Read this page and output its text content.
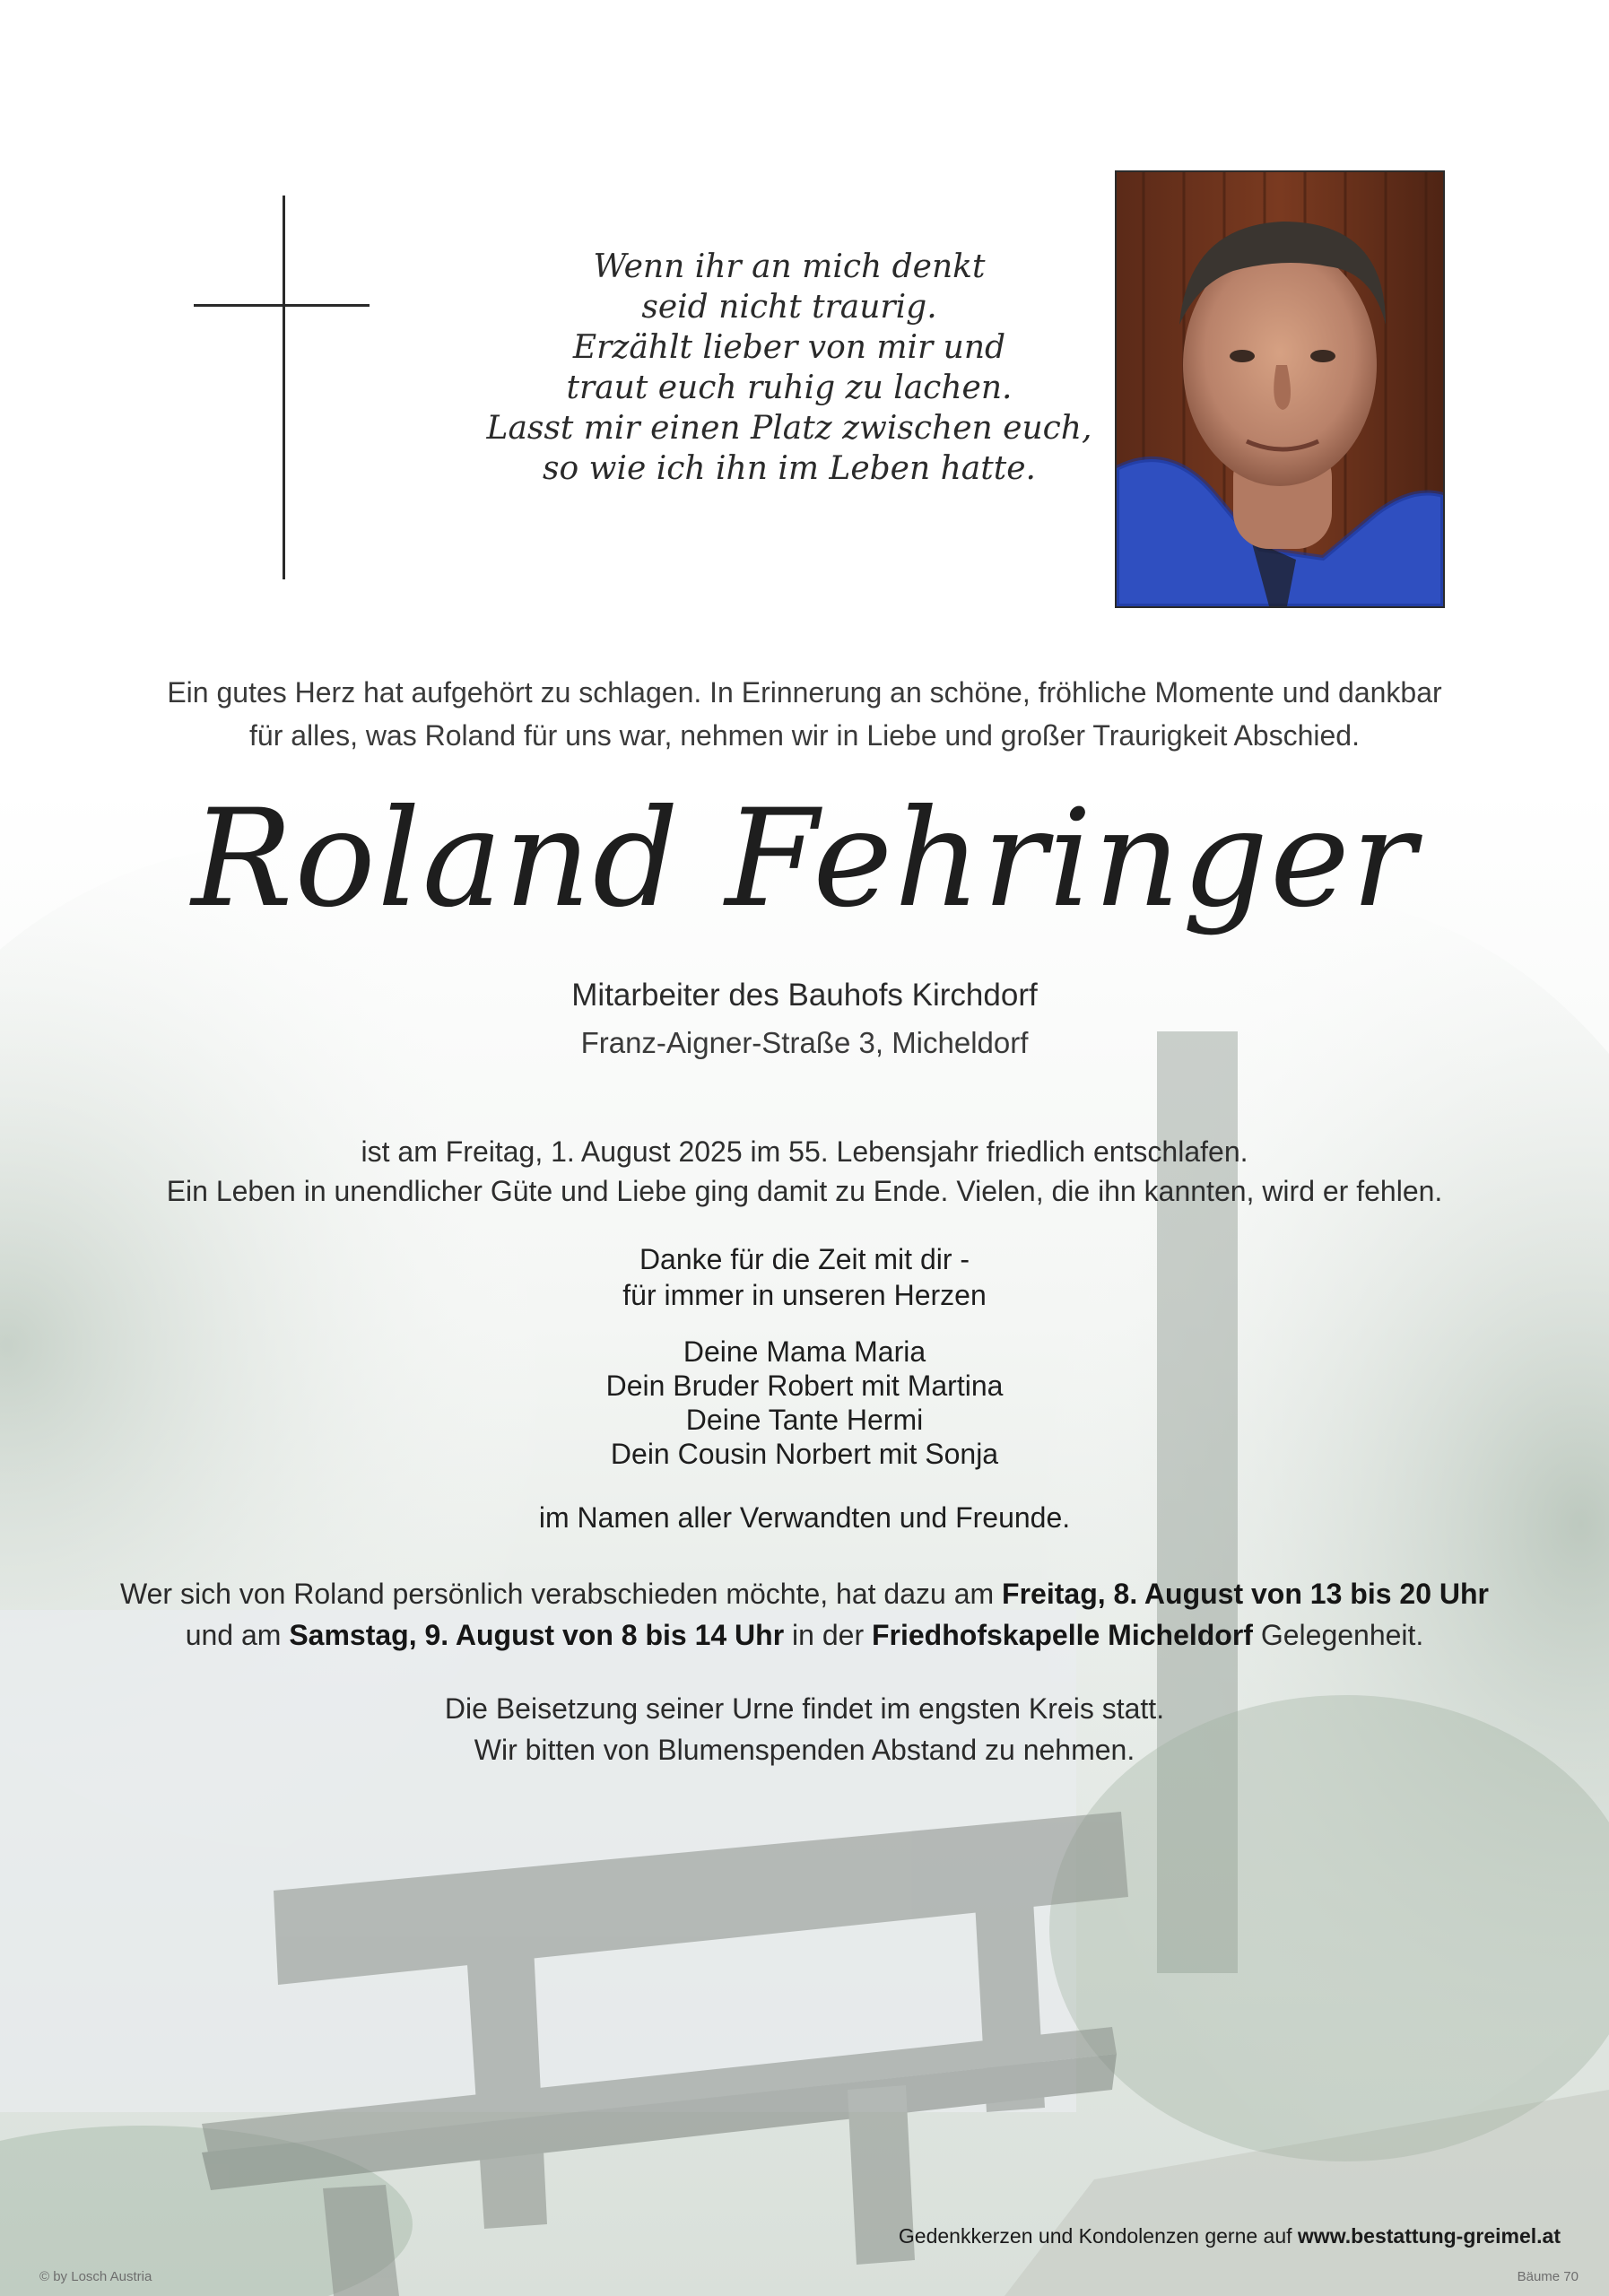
Wenn ihr an mich denkt
seid nicht traurig.
Erzählt lieber von mir und
traut euch ruhig zu lachen.
Lasst mir einen Platz zwischen euch,
so wie ich ihn im Leben hatte.
Ein gutes Herz hat aufgehört zu schlagen. In Erinnerung an schöne, fröhliche Momente und dankbar
für alles, was Roland für uns war, nehmen wir in Liebe und großer Traurigkeit Abschied.
Roland Fehringer
Mitarbeiter des Bauhofs Kirchdorf
Franz-Aigner-Straße 3, Micheldorf
ist am Freitag, 1. August 2025 im 55. Lebensjahr friedlich entschlafen.
Ein Leben in unendlicher Güte und Liebe ging damit zu Ende. Vielen, die ihn kannten, wird er fehlen.
Danke für die Zeit mit dir -
für immer in unseren Herzen
Deine Mama Maria
Dein Bruder Robert mit Martina
Deine Tante Hermi
Dein Cousin Norbert mit Sonja
im Namen aller Verwandten und Freunde.
Wer sich von Roland persönlich verabschieden möchte, hat dazu am Freitag, 8. August von 13 bis 20 Uhr
und am Samstag, 9. August von 8 bis 14 Uhr in der Friedhofskapelle Micheldorf Gelegenheit.
Die Beisetzung seiner Urne findet im engsten Kreis statt.
Wir bitten von Blumenspenden Abstand zu nehmen.
Gedenkkerzen und Kondolenzen gerne auf www.bestattung-greimel.at
© by Losch Austria	Bäume 70
